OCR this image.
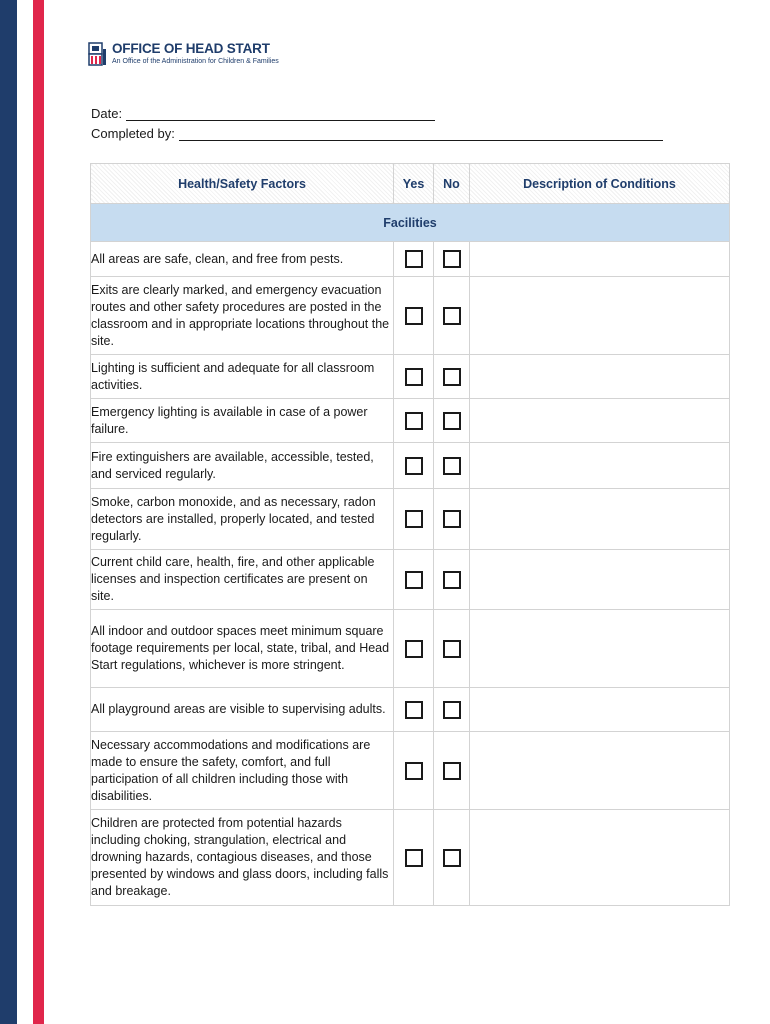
OFFICE OF HEAD START
An Office of the Administration for Children & Families
Date:
Completed by:
Health/Safety Factors	Yes	No	Description of Conditions
Facilities			
All areas are safe, clean, and free from pests.			
Exits are clearly marked, and emergency evacuation routes and other safety procedures are posted in the classroom and in appropriate locations throughout the site.			
Lighting is sufficient and adequate for all classroom activities.			
Emergency lighting is available in case of a power failure.			
Fire extinguishers are available, accessible, tested, and serviced regularly.			
Smoke, carbon monoxide, and as necessary, radon detectors are installed, properly located, and tested regularly.			
Current child care, health, fire, and other applicable licenses and inspection certificates are present on site.			
All indoor and outdoor spaces meet minimum square footage requirements per local, state, tribal, and Head Start regulations, whichever is more stringent.			
All playground areas are visible to supervising adults.			
Necessary accommodations and modifications are made to ensure the safety, comfort, and full participation of all children including those with disabilities.			
Children are protected from potential hazards including choking, strangulation, electrical and drowning hazards, contagious diseases, and those presented by windows and glass doors, including falls and breakage.			
